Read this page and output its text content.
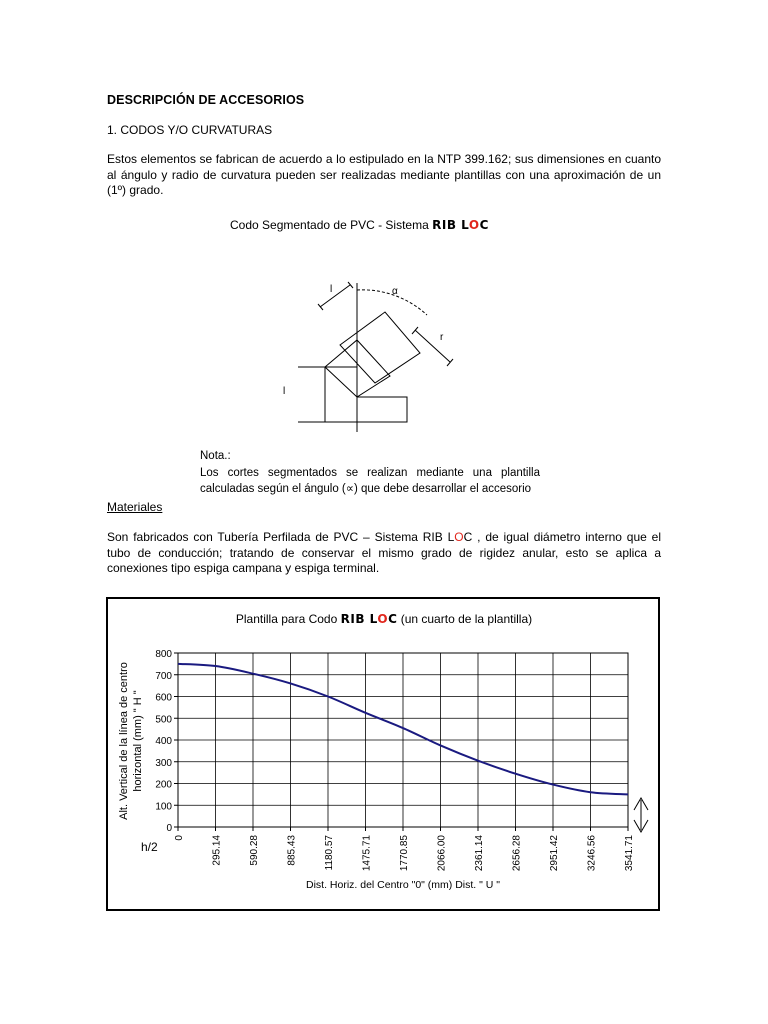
DESCRIPCIÓN DE ACCESORIOS
1. CODOS Y/O CURVATURAS
Estos elementos se fabrican de acuerdo a lo estipulado en la NTP 399.162; sus dimensiones en cuanto al ángulo y radio de curvatura pueden ser realizadas mediante plantillas con una aproximación de un (1º) grado.
Codo Segmentado de PVC - Sistema RIB LOC
l	α
r
l
Nota.:

Los cortes segmentados se realizan mediante una plantilla
calculadas según el ángulo (∝) que debe desarrollar el accesorio
Materiales
Son fabricados con Tubería Perfilada de PVC – Sistema RIB LOC , de igual diámetro interno que el tubo de conducción; tratando de conservar el mismo grado de rigidez anular, esto se aplica a conexiones tipo espiga campana y espiga terminal.
Plantilla para Codo RIB LOC (un cuarto de la plantilla)
0
100
200
300
400
500
600
700
800
0	295.14	590.28	885.43	1180.57	1475.71	1770.85	2066.00	2361.14	2656.28	2951.42	3246.56	3541.71
Alt. Vertical de la línea de centro horizontal (mm) " H "
Dist. Horiz. del Centro "0" (mm) Dist. " U "
h/2
